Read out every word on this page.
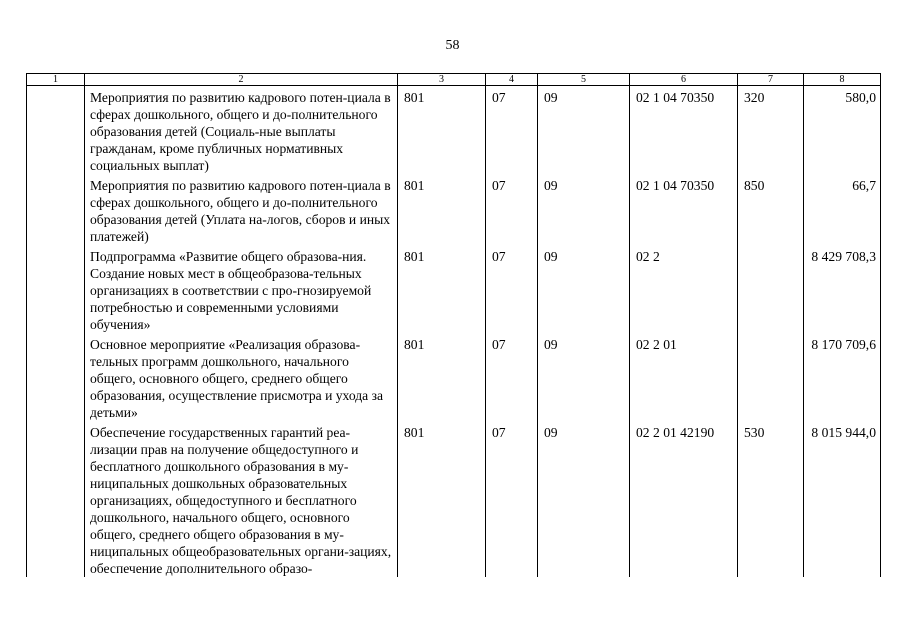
58
1	2	3	4	5	6	7	8
	Мероприятия по развитию кадрового потен-циала в сферах дошкольного, общего и до-полнительного образования детей (Социаль-ные выплаты гражданам, кроме публичных нормативных социальных выплат)	801	07	09	02 1 04 70350	320	580,0
	Мероприятия по развитию кадрового потен-циала в сферах дошкольного, общего и до-полнительного образования детей (Уплата на-логов, сборов и иных платежей)	801	07	09	02 1 04 70350	850	66,7
	Подпрограмма «Развитие общего образова-ния. Создание новых мест в общеобразова-тельных организациях в соответствии с про-гнозируемой потребностью и современными условиями обучения»	801	07	09	02 2		8 429 708,3
	Основное мероприятие «Реализация образова-тельных программ дошкольного, начального общего, основного общего, среднего общего образования, осуществление присмотра и ухода за детьми»	801	07	09	02 2 01		8 170 709,6
	Обеспечение государственных гарантий реа-лизации прав на получение общедоступного и бесплатного дошкольного образования в му-ниципальных дошкольных образовательных организациях, общедоступного и бесплатного дошкольного, начального общего, основного общего, среднего общего образования в му-ниципальных общеобразовательных органи-зациях, обеспечение дополнительного образо-	801	07	09	02 2 01 42190	530	8 015 944,0
